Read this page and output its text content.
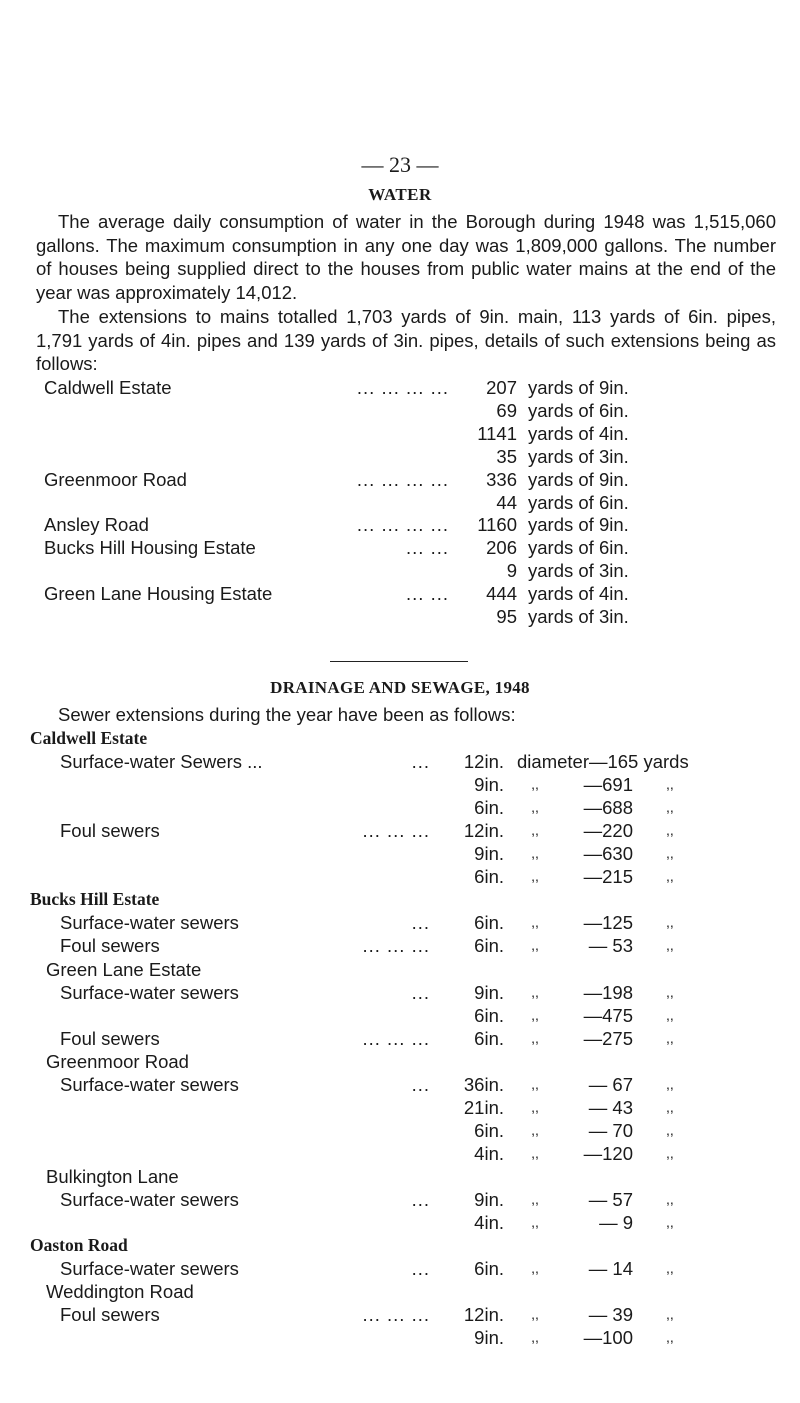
— 23 —
WATER
The average daily consumption of water in the Borough during 1948 was 1,515,060 gallons. The maximum consumption in any one day was 1,809,000 gallons. The number of houses being supplied direct to the houses from public water mains at the end of the year was approximately 14,012.
The extensions to mains totalled 1,703 yards of 9in. main, 113 yards of 6in. pipes, 1,791 yards of 4in. pipes and 139 yards of 3in. pipes, details of such extensions being as follows:
Caldwell Estate	... ... ... ...	207 yards of 9in.
69 yards of 6in.
1141 yards of 4in.
35 yards of 3in.
Greenmoor Road	... ... ... ...	336 yards of 9in.
44 yards of 6in.
Ansley Road	... ... ... ...	1160 yards of 9in.
Bucks Hill Housing Estate	... ...	206 yards of 6in.
9 yards of 3in.
Green Lane Housing Estate	... ...	444 yards of 4in.
95 yards of 3in.
DRAINAGE AND SEWAGE, 1948
Sewer extensions during the year have been as follows:
Caldwell Estate
Surface-water Sewers ...	...	12in. diameter—165 yards
9in.	,,	—691 ,,
6in.	,,	—688 ,,
Foul sewers	... ... ...	12in.	,,	—220 ,,
9in.	,,	—630 ,,
6in.	,,	—215 ,,
Bucks Hill Estate
Surface-water sewers	...	6in.	,,	—125 ,,
Foul sewers	... ... ...	6in.	,,	— 53 ,,
Green Lane Estate
Surface-water sewers	...	9in.	,,	—198 ,,
6in.	,,	—475 ,,
Foul sewers	... ... ...	6in.	,,	—275 ,,
Greenmoor Road
Surface-water sewers	...	36in.	,,	— 67 ,,
21in.	,,	— 43 ,,
6in.	,,	— 70 ,,
4in.	,,	—120 ,,
Bulkington Lane
Surface-water sewers	...	9in.	,,	— 57 ,,
4in.	,,	— 9 ,,
Oaston Road
Surface-water sewers	...	6in.	,,	— 14 ,,
Weddington Road
Foul sewers	... ... ...	12in.	,,	— 39 ,,
9in.	,,	—100 ,,
